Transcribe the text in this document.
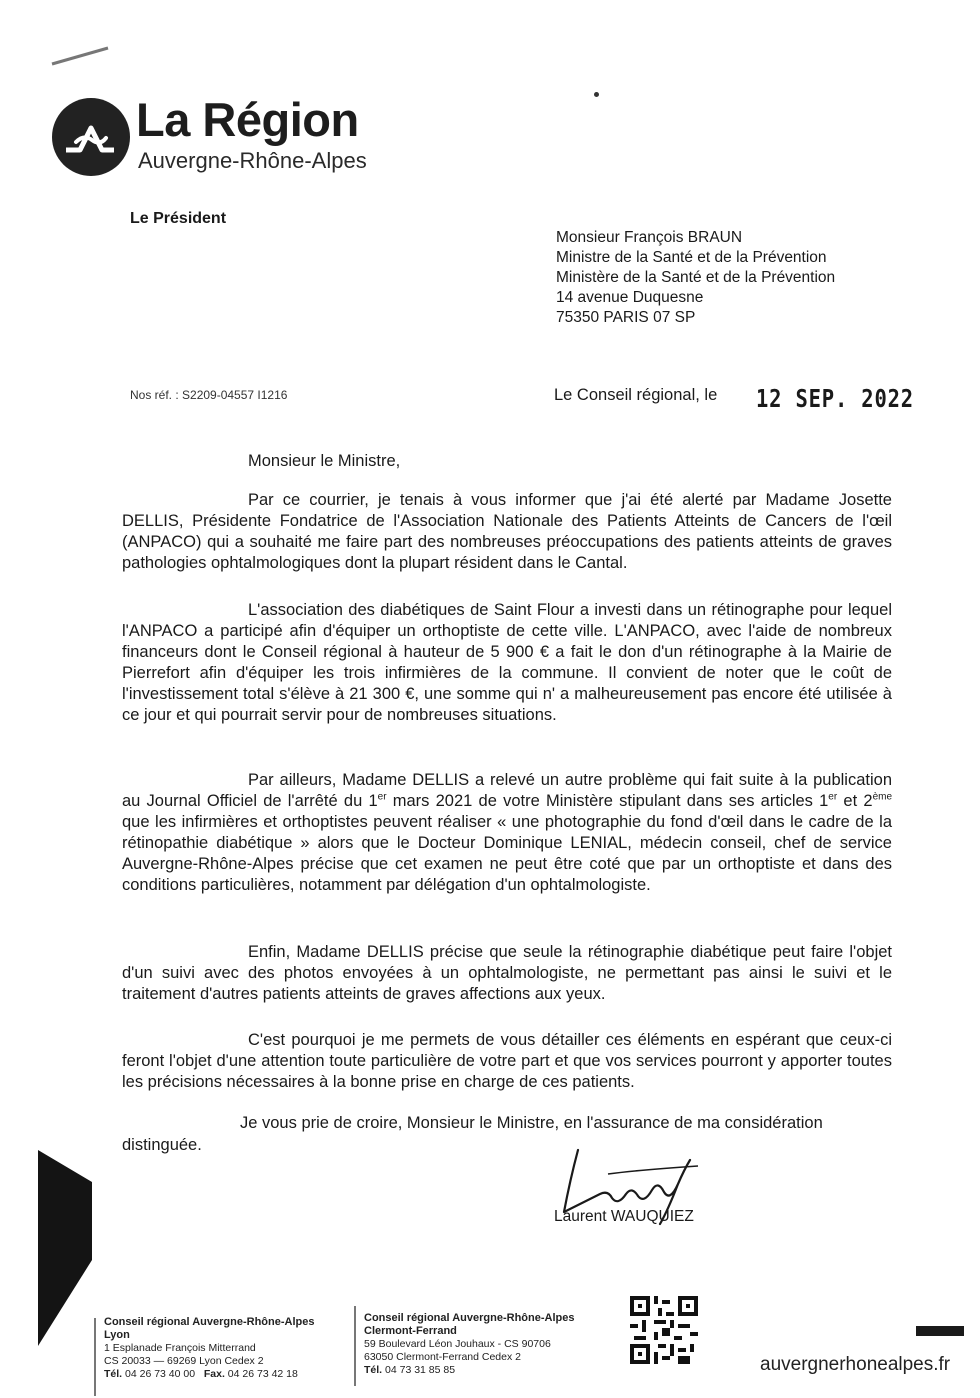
La Région
Auvergne-Rhône-Alpes
Le Président
Monsieur François BRAUN
Ministre de la Santé et de la Prévention
Ministère de la Santé et de la Prévention
14 avenue Duquesne
75350 PARIS 07 SP
Nos réf. : S2209-04557 I1216	Le Conseil régional, le 12 SEP. 2022
Monsieur le Ministre,
Par ce courrier, je tenais à vous informer que j'ai été alerté par Madame Josette DELLIS, Présidente Fondatrice de l'Association Nationale des Patients Atteints de Cancers de l'œil (ANPACO) qui a souhaité me faire part des nombreuses préoccupations des patients atteints de graves pathologies ophtalmologiques dont la plupart résident dans le Cantal.
L'association des diabétiques de Saint Flour a investi dans un rétinographe pour lequel l'ANPACO a participé afin d'équiper un orthoptiste de cette ville. L'ANPACO, avec l'aide de nombreux financeurs dont le Conseil régional à hauteur de 5 900 € a fait le don d'un rétinographe à la Mairie de Pierrefort afin d'équiper les trois infirmières de la commune. Il convient de noter que le coût de l'investissement total s'élève à 21 300 €, une somme qui n' a malheureusement pas encore été utilisée à ce jour et qui pourrait servir pour de nombreuses situations.
Par ailleurs, Madame DELLIS a relevé un autre problème qui fait suite à la publication au Journal Officiel de l'arrêté du 1er mars 2021 de votre Ministère stipulant dans ses articles 1er et 2ème que les infirmières et orthoptistes peuvent réaliser « une photographie du fond d'œil dans le cadre de la rétinopathie diabétique » alors que le Docteur Dominique LENIAL, médecin conseil, chef de service Auvergne-Rhône-Alpes précise que cet examen ne peut être coté que par un orthoptiste et dans des conditions particulières, notamment par délégation d'un ophtalmologiste.
Enfin, Madame DELLIS précise que seule la rétinographie diabétique peut faire l'objet d'un suivi avec des photos envoyées à un ophtalmologiste, ne permettant pas ainsi le suivi et le traitement d'autres patients atteints de graves affections aux yeux.
C'est pourquoi je me permets de vous détailler ces éléments en espérant que ceux-ci feront l'objet d'une attention toute particulière de votre part et que vos services pourront y apporter toutes les précisions nécessaires à la bonne prise en charge de ces patients.
Je vous prie de croire, Monsieur le Ministre, en l'assurance de ma considération distinguée.
Laurent WAUQUIEZ
Conseil régional Auvergne-Rhône-Alpes
Lyon
1 Esplanade François Mitterrand
CS 20033 — 69269 Lyon Cedex 2
Tél. 04 26 73 40 00 Fax. 04 26 73 42 18
Conseil régional Auvergne-Rhône-Alpes
Clermont-Ferrand
59 Boulevard Léon Jouhaux - CS 90706
63050 Clermont-Ferrand Cedex 2
Tél. 04 73 31 85 85	auvergnerhonealpes.fr
